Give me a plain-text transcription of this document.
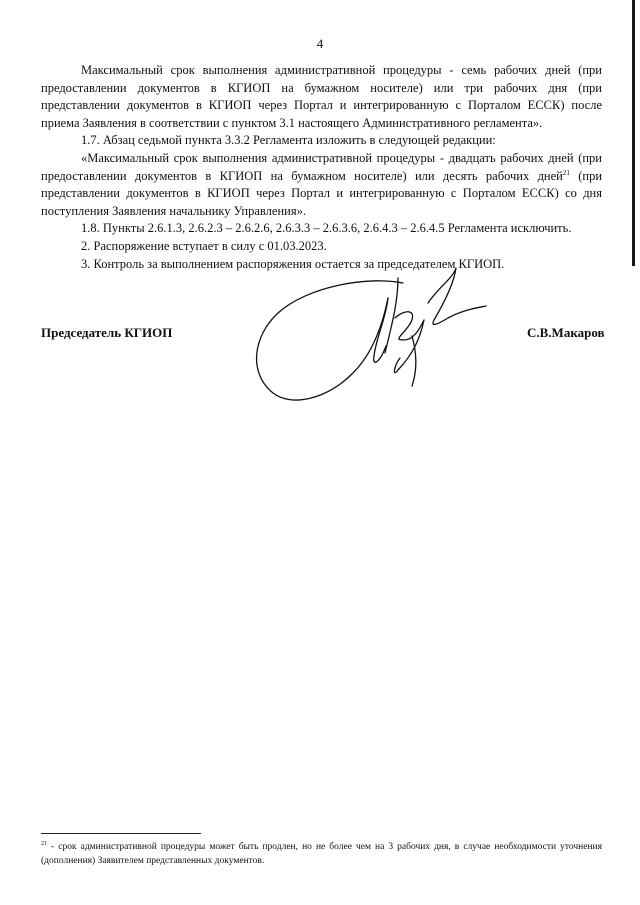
4

Максимальный срок выполнения административной процедуры - семь рабочих дней (при

предоставлении документов в КГИОП на бумажном носителе) или три рабочих дня (при

представлении документов в КГИОП через Портал и интегрированную с Порталом ЕССК) после

приема Заявления в соответствии с пунктом 3.1 настоящего Административного регламента».

1.7. Абзац седьмой пункта 3.3.2 Регламента изложить в следующей редакции:

«Максимальный срок выполнения административной процедуры - двадцать рабочих дней (при

предоставлении документов в КГИОП на бумажном носителе) или десять рабочих дней$^{21}$ (при

представлении документов в КГИОП через Портал и интегрированную с Порталом ЕССК) со дня

поступления Заявления начальнику Управления».

1.8. Пункты 2.6.1.3, 2.6.2.3 – 2.6.2.6, 2.6.3.3 – 2.6.3.6, 2.6.4.3 – 2.6.4.5 Регламента исключить.

2. Распоряжение вступает в силу с 01.03.2023.

3. Контроль за выполнением распоряжения остается за председателем КГИОП.

Председатель КГИОП	С.В.Макаров
$^{21}$ - срок административной процедуры может быть продлен, но не более чем на 3 рабочих дня, в случае необходимости уточнения (дополнения) Заявителем представленных документов.
